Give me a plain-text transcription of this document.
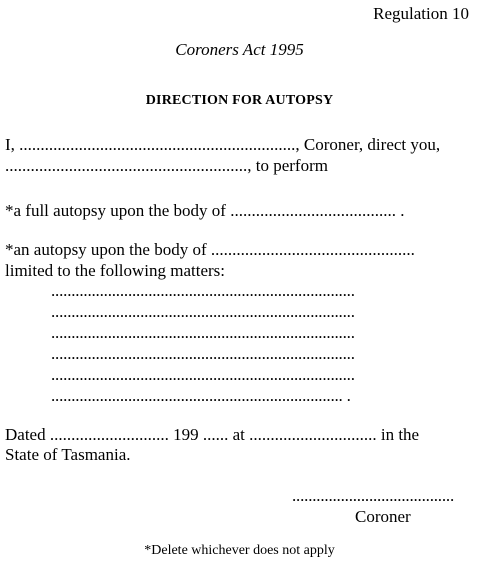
Regulation 10
Coroners Act 1995
DIRECTION FOR AUTOPSY
I, ................................................................., Coroner, direct you,
........................................................., to perform
*a full autopsy upon the body of ....................................... .
*an autopsy upon the body of ................................................
limited to the following matters:
...........................................................................
...........................................................................
...........................................................................
...........................................................................
...........................................................................
........................................................................ .
Dated ............................ 199 ...... at .............................. in the
State of Tasmania.
........................................
Coroner
*Delete whichever does not apply
